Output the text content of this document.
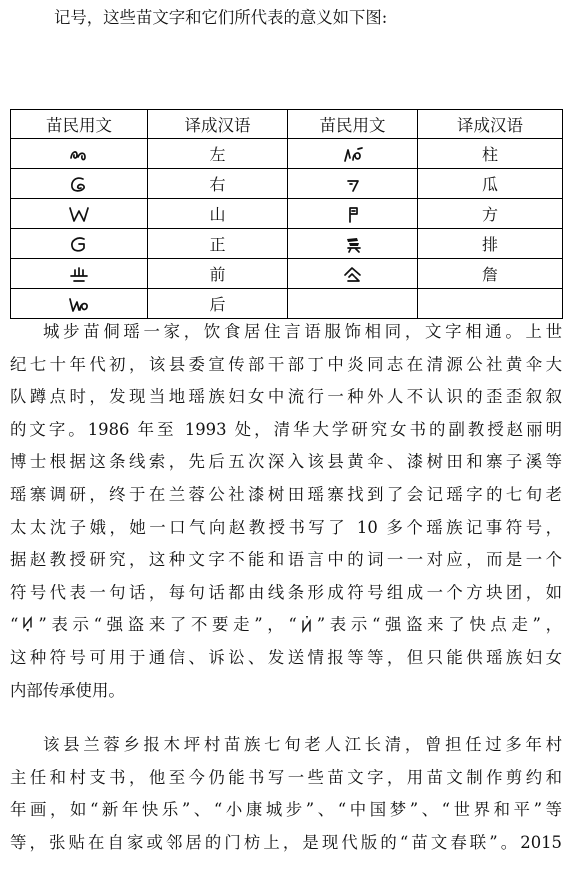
记号，这些苗文字和它们所代表的意义如下图:
苗民用文	译成汉语	苗民用文	译成汉语

	左		柱

	右		瓜

	山		方

	正		排

	前		詹

	后		
城步苗侗瑶一家，饮食居住言语服饰相同，文字相通。上世
纪七十年代初，该县委宣传部干部丁中炎同志在清源公社黄伞大
队蹲点时，发现当地瑶族妇女中流行一种外人不认识的歪歪叙叙
的文字。1986 年至 1993 处，清华大学研究女书的副教授赵丽明
博士根据这条线索，先后五次深入该县黄伞、漆树田和寨子溪等
瑶寨调研，终于在兰蓉公社漆树田瑶寨找到了会记瑶字的七旬老
太太沈子娥，她一口气向赵教授书写了 10 多个瑶族记事符号，
据赵教授研究，这种文字不能和语言中的词一一对应，而是一个
符号代表一句话，每句话都由线条形成符号组成一个方块团，如
“ ”表示“强盗来了不要走”，“ ”表示“强盗来了快点走”，
这种符号可用于通信、诉讼、发送情报等等，但只能供瑶族妇女
内部传承使用。
该县兰蓉乡报木坪村苗族七旬老人江长清，曾担任过多年村
主任和村支书，他至今仍能书写一些苗文字，用苗文制作剪约和
年画，如“新年快乐”、“小康城步”、“中国梦”、“世界和平”等
等，张贴在自家或邻居的门枋上，是现代版的“苗文春联”。2015
